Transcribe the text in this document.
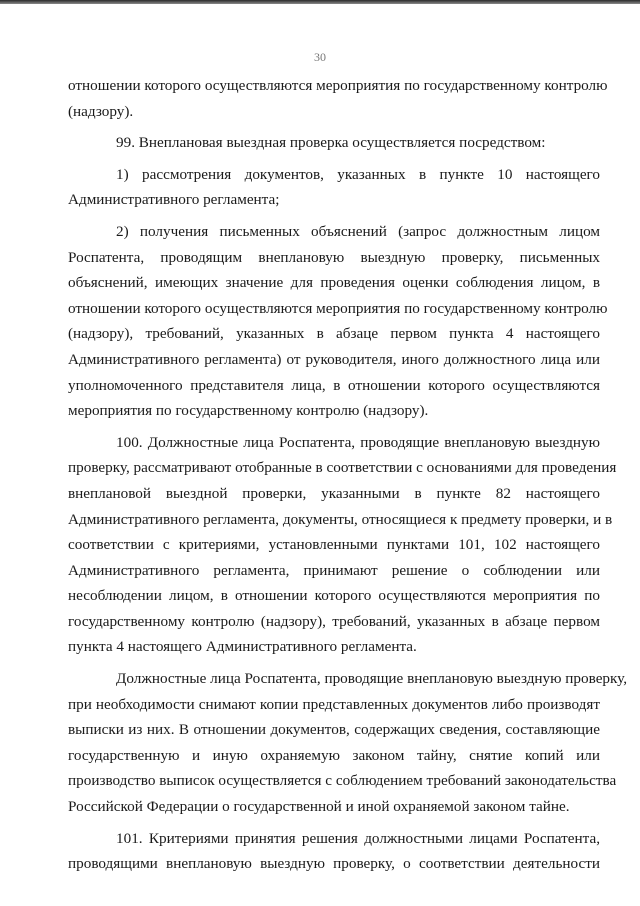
30

отношении которого осуществляются мероприятия по государственному контролю
(надзору).

99. Внеплановая выездная проверка осуществляется посредством:

1) рассмотрения документов, указанных в пункте 10 настоящего
Административного регламента;

2) получения письменных объяснений (запрос должностным лицом
Роспатента, проводящим внеплановую выездную проверку, письменных
объяснений, имеющих значение для проведения оценки соблюдения лицом, в
отношении которого осуществляются мероприятия по государственному контролю
(надзору), требований, указанных в абзаце первом пункта 4 настоящего
Административного регламента) от руководителя, иного должностного лица или
уполномоченного представителя лица, в отношении которого осуществляются
мероприятия по государственному контролю (надзору).

100. Должностные лица Роспатента, проводящие внеплановую выездную
проверку, рассматривают отобранные в соответствии с основаниями для проведения
внеплановой выездной проверки, указанными в пункте 82 настоящего
Административного регламента, документы, относящиеся к предмету проверки, и в
соответствии с критериями, установленными пунктами 101, 102 настоящего
Административного регламента, принимают решение о соблюдении или
несоблюдении лицом, в отношении которого осуществляются мероприятия по
государственному контролю (надзору), требований, указанных в абзаце первом
пункта 4 настоящего Административного регламента.

Должностные лица Роспатента, проводящие внеплановую выездную проверку,
при необходимости снимают копии представленных документов либо производят
выписки из них. В отношении документов, содержащих сведения, составляющие
государственную и иную охраняемую законом тайну, снятие копий или
производство выписок осуществляется с соблюдением требований законодательства
Российской Федерации о государственной и иной охраняемой законом тайне.

101. Критериями принятия решения должностными лицами Роспатента,
проводящими внеплановую выездную проверку, о соответствии деятельности
